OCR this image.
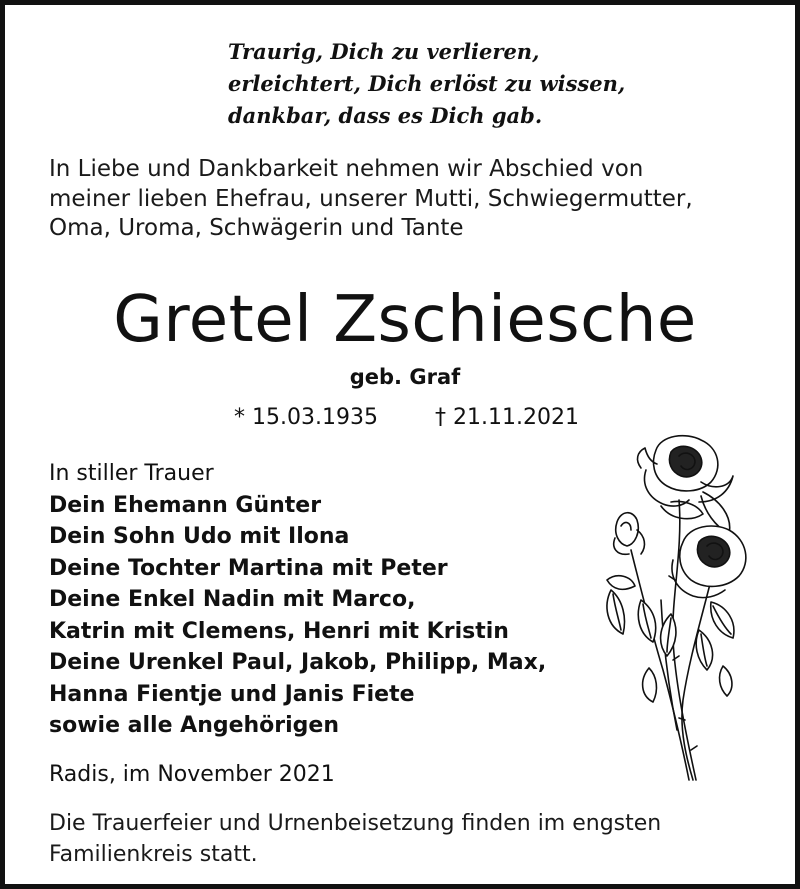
Traurig, Dich zu verlieren,
erleichtert, Dich erlöst zu wissen,
dankbar, dass es Dich gab.
In Liebe und Dankbarkeit nehmen wir Abschied von
meiner lieben Ehefrau, unserer Mutti, Schwiegermutter,
Oma, Uroma, Schwägerin und Tante
Gretel Zschiesche
geb. Graf
* 15.03.1935	† 21.11.2021
In stiller Trauer
Dein Ehemann Günter
Dein Sohn Udo mit Ilona
Deine Tochter Martina mit Peter
Deine Enkel Nadin mit Marco,
Katrin mit Clemens, Henri mit Kristin
Deine Urenkel Paul, Jakob, Philipp, Max,
Hanna Fientje und Janis Fiete
sowie alle Angehörigen
Radis, im November 2021
Die Trauerfeier und Urnenbeisetzung finden im engsten
Familienkreis statt.
